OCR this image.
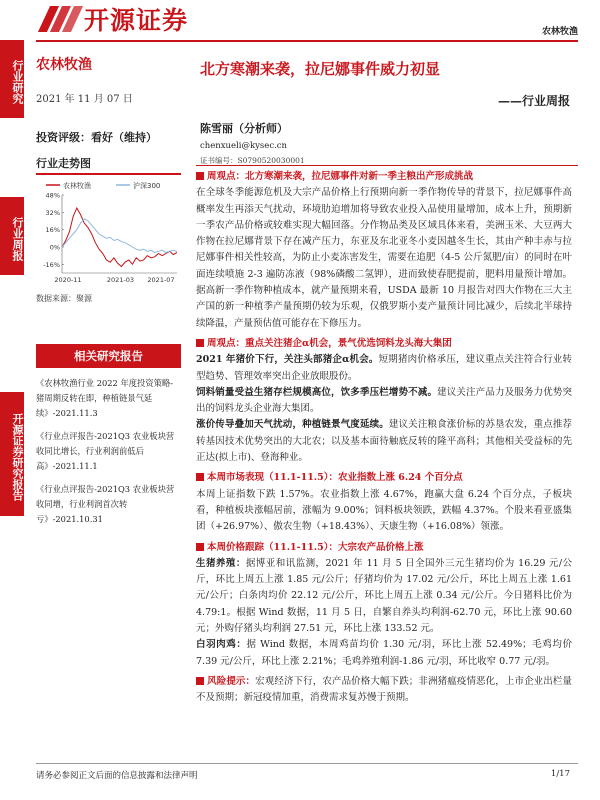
开源证券	农林牧渔
行业研究
行业周报
开源证券研究报告
农林牧渔
2021 年 11 月 07 日
投资评级：看好（维持）
行业走势图
农林牧渔	沪深300
-16%
0%
16%
32%
48%
2020-11	2021-03 2021-07
数据来源：聚源
相关研究报告
《农林牧渔行业 2022 年度投资策略-猪周期反转在即，种植链景气延续》-2021.11.3
《行业点评报告-2021Q3 农业板块营收同比增长，行业利润前低后高》-2021.11.1
《行业点评报告-2021Q3 农业板块营收同增，行业利润首次转亏》-2021.10.31
北方寒潮来袭，拉尼娜事件威力初显
——行业周报
陈雪丽（分析师）
chenxueli@kysec.cn
证书编号：S0790520030001
周观点：北方寒潮来袭，拉尼娜事件对新一季主粮出产形成挑战
在全球冬季能源危机及大宗产品价格上行预期向新一季作物传导的背景下，拉尼娜事件高概率发生再添天气扰动，环境肋迫增加将导致农业投入品使用量增加，成本上升，预期新一季农产品价格或较难实现大幅回落。分作物品类及区域具体来看，美洲玉米、大豆两大作物在拉尼娜背景下存在减产压力，东亚及东北亚冬小麦因越冬生长，其由产种丰赤与拉尼娜事件相关性较高，为防止小麦冻害发生，需要在追肥（4-5 公斤氮肥/亩）的同时在叶面连续喷施 2-3 遍防冻液（98%磷酸二氢钾），进而致使春肥提前，肥料用量预计增加。据高新一季作物种植成本，就产量预期来看，USDA 最新 10 月报告对四大作物在三大主产国的新一种植季产量预期仍较为乐观，仅俄罗斯小麦产量预计同比减少，后续北半球持续降温，产量预估值可能存在下修压力。
周观点：重点关注猪企α机会，景气优选饲料龙头海大集团
2021 年猪价下行，关注头部猪企α机会。短期猪肉价格承压，建议重点关注符合行业转型趋势、管理效率突出企业放眼股份。
饲料销量受益生猪存栏规模高位，饮多季压栏增势不减。建议关注产品力及服务力优势突出的饲料龙头企业海大集团。
涨价传导叠加天气扰动，种植链景气度延续。建议关注粮食涨价标的苏垦农发，重点推荐转基因技术优势突出的大北农；以及基本面待触底反转的隆平高科；其他相关受益标的先正达(拟上市)、登海种业。
本周市场表现（11.1-11.5）：农业指数上涨 6.24 个百分点
本周上证指数下跌 1.57%。农业指数上涨 4.67%，跑赢大盘 6.24 个百分点，子板块看，种植板块涨幅居前，涨幅为 9.00%；饲料板块领跌，跌幅 4.37%。个股来看亚盛集团（+26.97%）、傲农生物（+18.43%）、天康生物（+16.08%）领涨。
本周价格跟踪（11.1-11.5）：大宗农产品价格上涨
生猪养殖：据博亚和讯监测，2021 年 11 月 5 日全国外三元生猪均价为 16.29 元/公斤，环比上周五上涨 1.85 元/公斤；仔猪均价为 17.02 元/公斤，环比上周五上涨 1.61 元/公斤；白条肉均价 22.12 元/公斤，环比上周五上涨 0.34 元/公斤。今日猪料比价为 4.79:1。根据 Wind 数据，11 月 5 日，自繁自养头均利润-62.70 元，环比上涨 90.60 元；外购仔猪头均利润 27.51 元，环比上涨 133.52 元。
白羽肉鸡：据 Wind 数据，本周鸡苗均价 1.30 元/羽，环比上涨 52.49%；毛鸡均价 7.39 元/公斤，环比上涨 2.21%；毛鸡养殖利润-1.86 元/羽，环比收窄 0.77 元/羽。
风险提示：宏观经济下行，农产品价格大幅下跌；非洲猪瘟疫情恶化，上市企业出栏量不及预期；新冠疫情加重，消费需求复苏慢于预期。
请务必参阅正文后面的信息披露和法律声明	1/17
